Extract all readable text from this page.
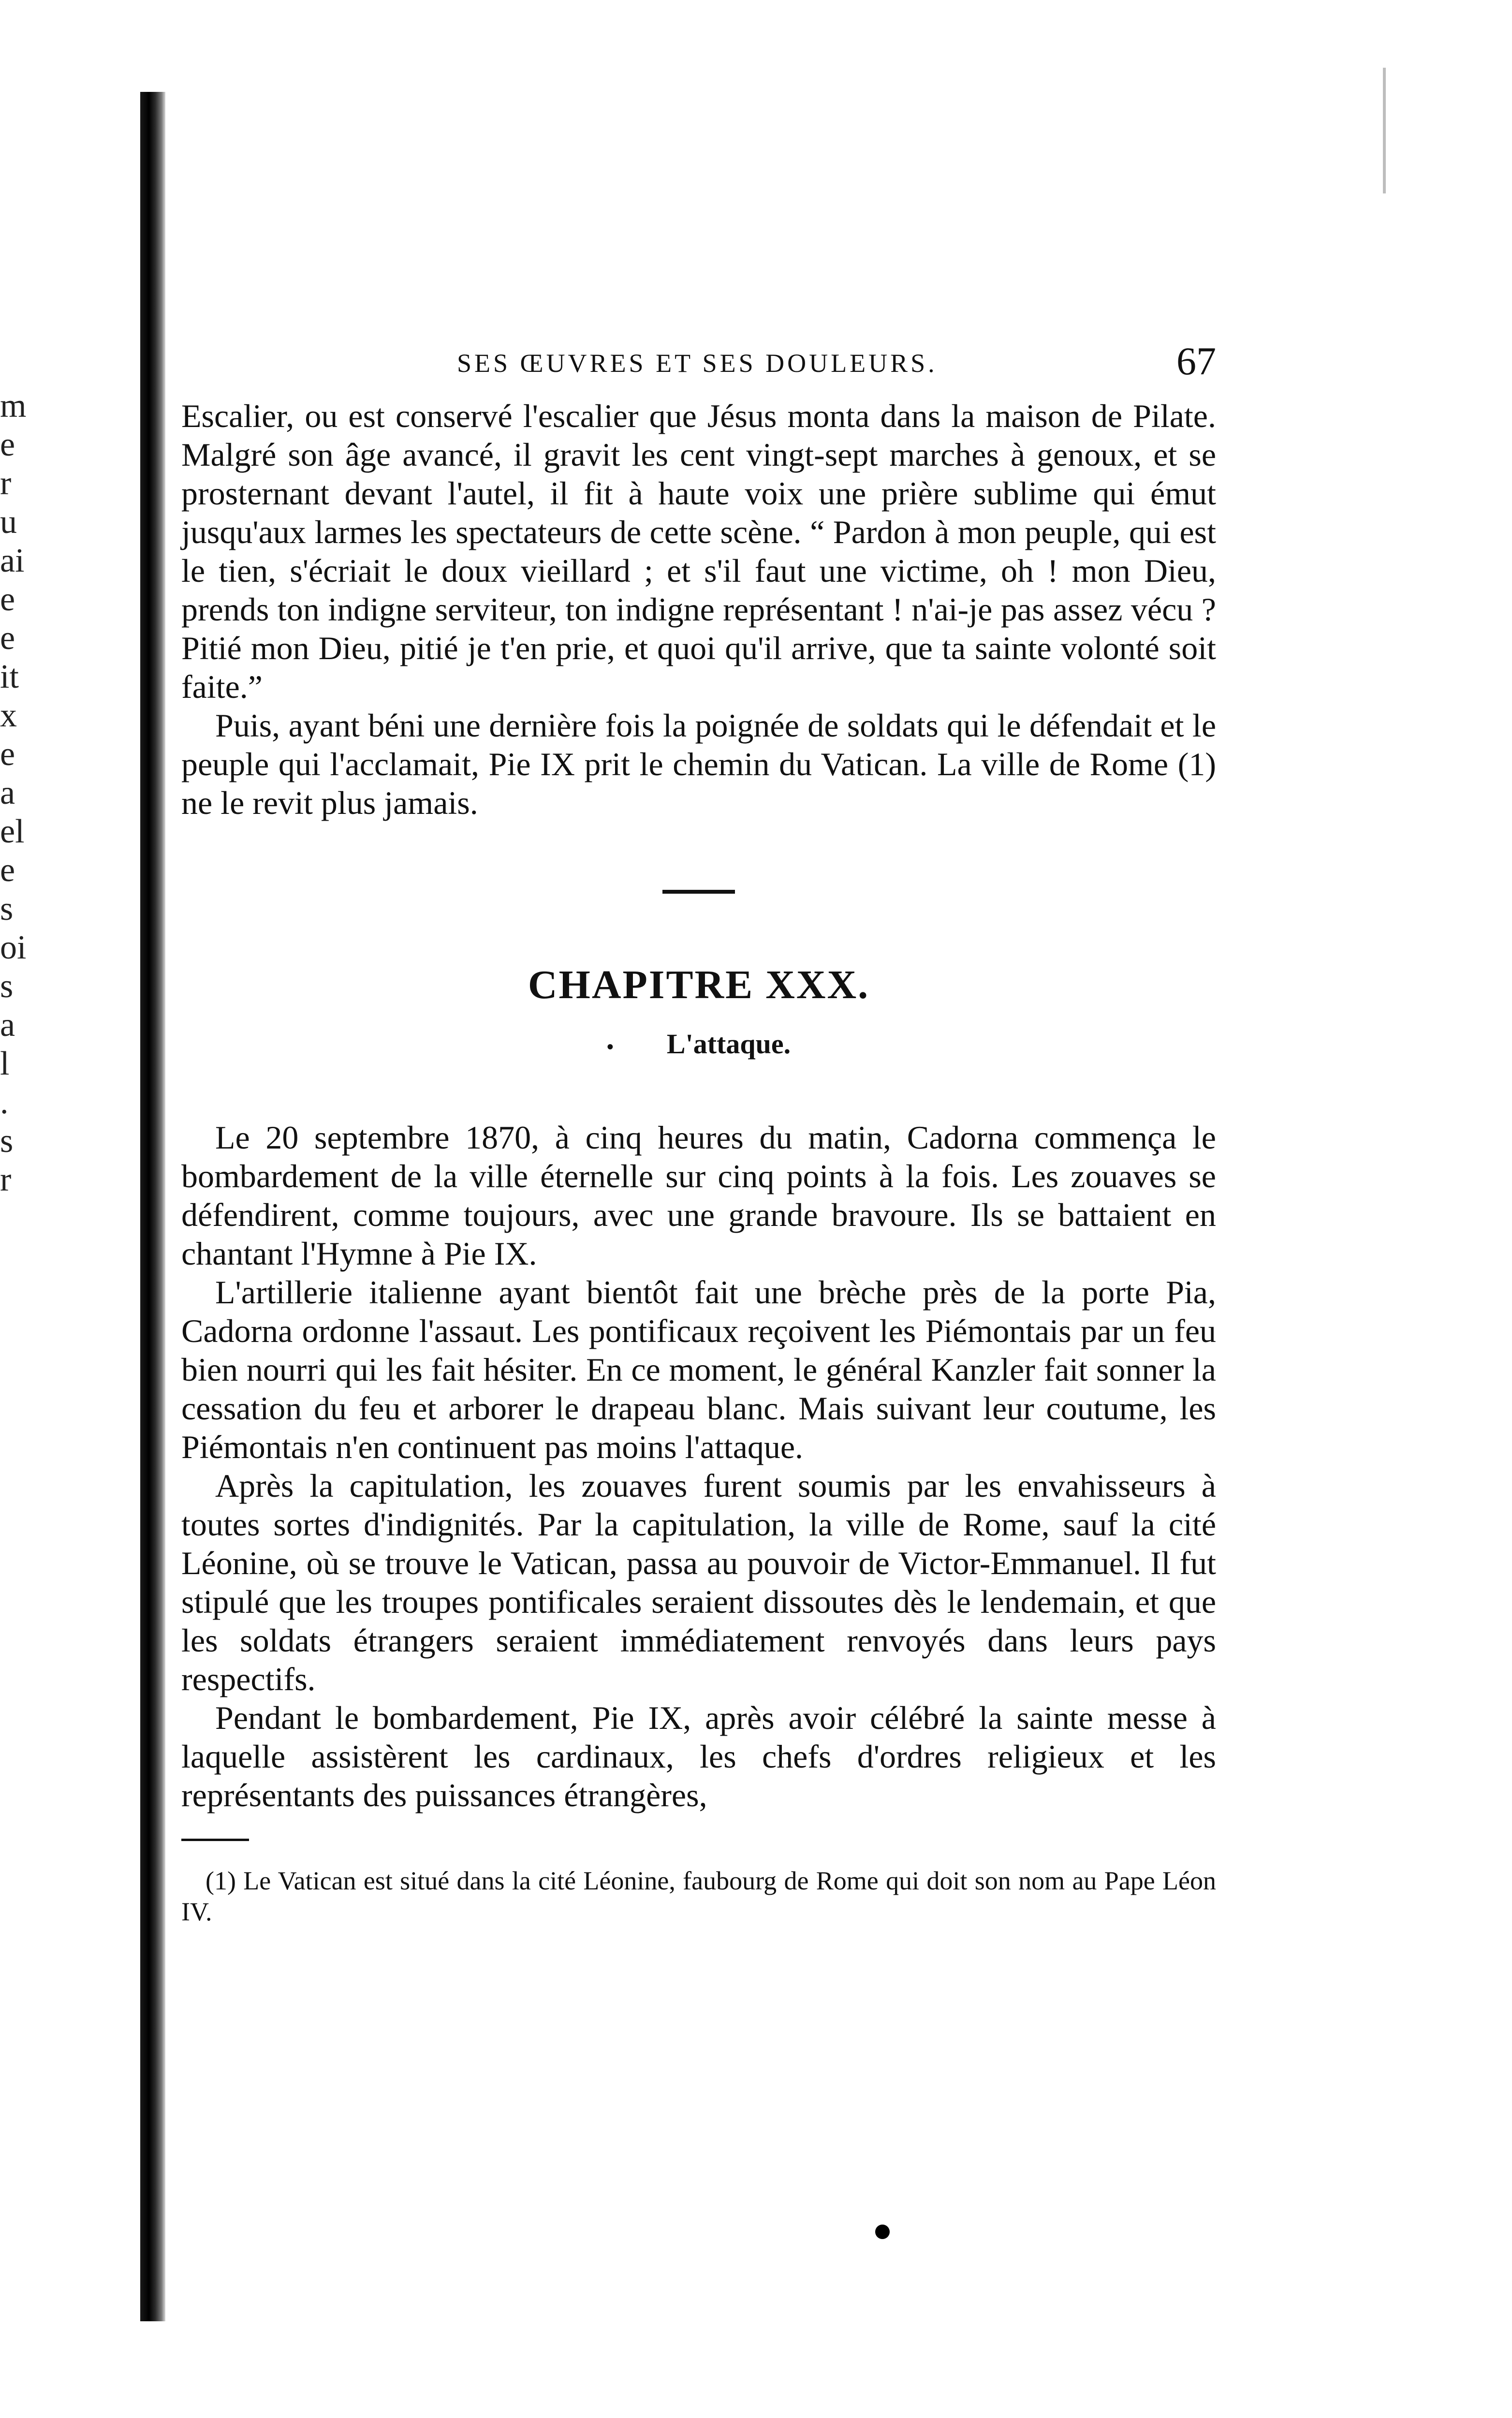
m
e
r
u
ai
e
e
it
x
e
a
el
e
s
oi
s
a
l
.
s
r
SES ŒUVRES ET SES DOULEURS.	67

Escalier, ou est conservé l'escalier que Jésus monta dans la maison de Pilate. Malgré son âge avancé, il gravit les cent vingt-sept marches à genoux, et se prosternant devant l'autel, il fit à haute voix une prière sublime qui émut jusqu'aux larmes les spectateurs de cette scène. “ Pardon à mon peuple, qui est le tien, s'écriait le doux vieillard ; et s'il faut une victime, oh ! mon Dieu, prends ton indigne serviteur, ton indigne représentant ! n'ai-je pas assez vécu ? Pitié mon Dieu, pitié je t'en prie, et quoi qu'il arrive, que ta sainte volonté soit faite.”

Puis, ayant béni une dernière fois la poignée de soldats qui le défendait et le peuple qui l'acclamait, Pie IX prit le chemin du Vatican. La ville de Rome (1) ne le revit plus jamais.

CHAPITRE XXX.
• L'attaque.

Le 20 septembre 1870, à cinq heures du matin, Cadorna commença le bombardement de la ville éternelle sur cinq points à la fois. Les zouaves se défendirent, comme toujours, avec une grande bravoure. Ils se battaient en chantant l'Hymne à Pie IX.

L'artillerie italienne ayant bientôt fait une brèche près de la porte Pia, Cadorna ordonne l'assaut. Les pontificaux reçoivent les Piémontais par un feu bien nourri qui les fait hésiter. En ce moment, le général Kanzler fait sonner la cessation du feu et arborer le drapeau blanc. Mais suivant leur coutume, les Piémontais n'en continuent pas moins l'attaque.

Après la capitulation, les zouaves furent soumis par les envahisseurs à toutes sortes d'indignités. Par la capitulation, la ville de Rome, sauf la cité Léonine, où se trouve le Vatican, passa au pouvoir de Victor-Emmanuel. Il fut stipulé que les troupes pontificales seraient dissoutes dès le lendemain, et que les soldats étrangers seraient immédiatement renvoyés dans leurs pays respectifs.

Pendant le bombardement, Pie IX, après avoir célébré la sainte messe à laquelle assistèrent les cardinaux, les chefs d'ordres religieux et les représentants des puissances étrangères,

(1) Le Vatican est situé dans la cité Léonine, faubourg de Rome qui doit son nom au Pape Léon IV.
